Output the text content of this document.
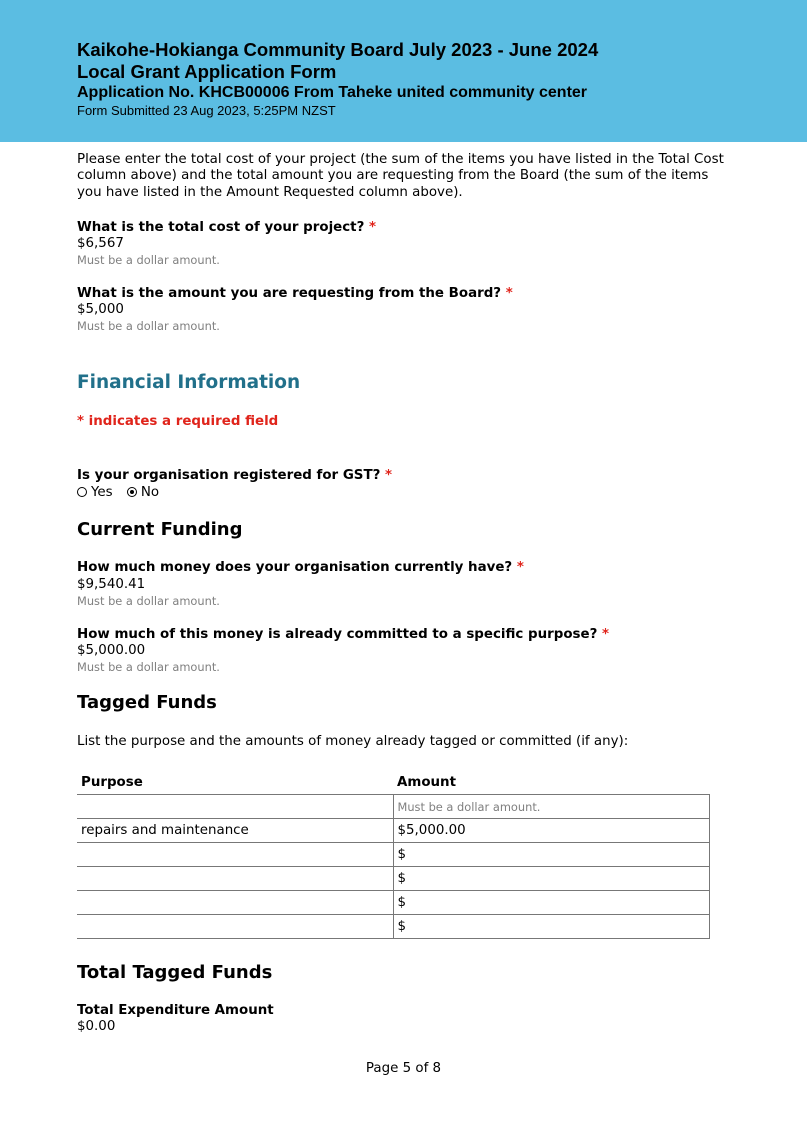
Kaikohe-Hokianga Community Board July 2023 - June 2024
Local Grant Application Form
Application No. KHCB00006 From Taheke united community center
Form Submitted 23 Aug 2023, 5:25PM NZST
Please enter the total cost of your project (the sum of the items you have listed in the Total Cost column above) and the total amount you are requesting from the Board (the sum of the items you have listed in the Amount Requested column above).
What is the total cost of your project? *
$6,567
Must be a dollar amount.
What is the amount you are requesting from the Board? *
$5,000
Must be a dollar amount.
Financial Information
* indicates a required field
Is your organisation registered for GST? *
Yes No
Current Funding
How much money does your organisation currently have? *
$9,540.41
Must be a dollar amount.
How much of this money is already committed to a specific purpose? *
$5,000.00
Must be a dollar amount.
Tagged Funds
List the purpose and the amounts of money already tagged or committed (if any):
Purpose	Amount
	Must be a dollar amount.
repairs and maintenance	$5,000.00
	$
	$
	$
	$
Total Tagged Funds
Total Expenditure Amount
$0.00
Page 5 of 8
